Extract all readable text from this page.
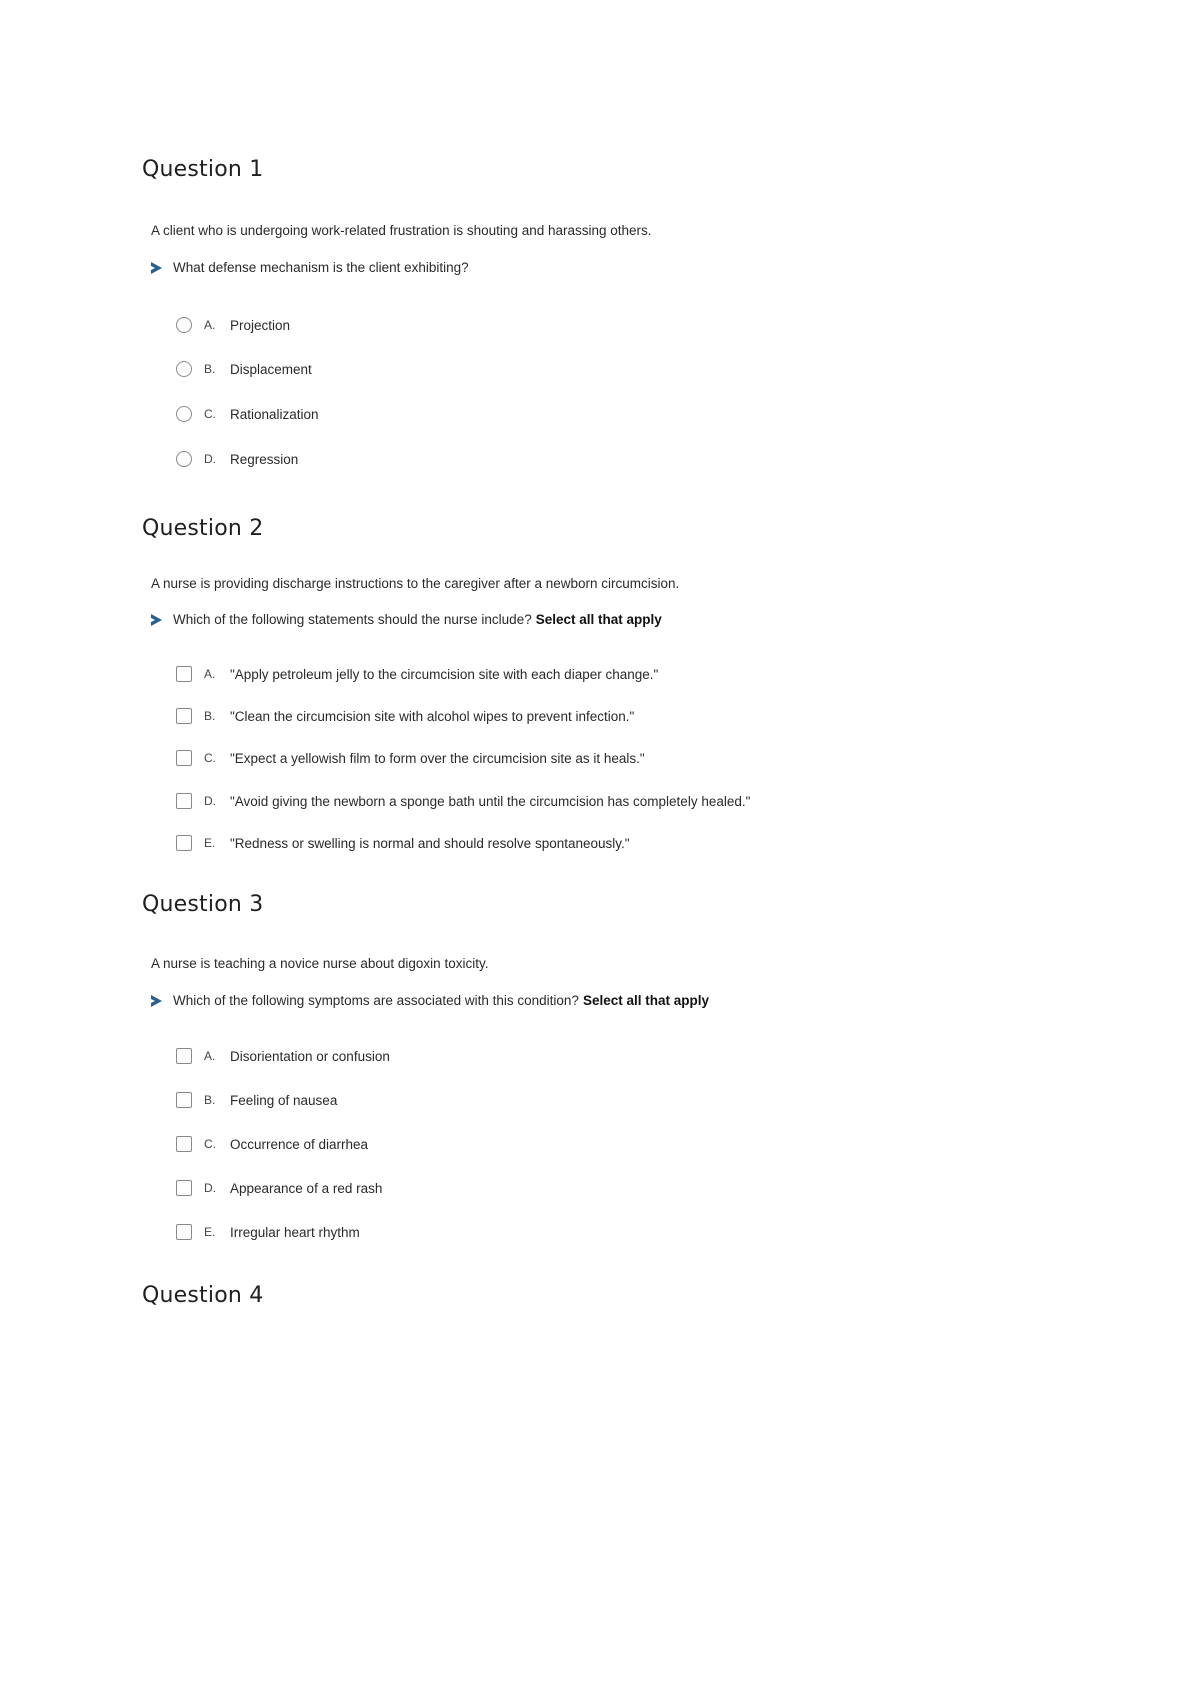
Question 1
A client who is undergoing work-related frustration is shouting and harassing others.
What defense mechanism is the client exhibiting?
A.	Projection
B.	Displacement
C.	Rationalization
D.	Regression
Question 2
A nurse is providing discharge instructions to the caregiver after a newborn circumcision.
Which of the following statements should the nurse include? Select all that apply
A.	"Apply petroleum jelly to the circumcision site with each diaper change."
B.	"Clean the circumcision site with alcohol wipes to prevent infection."
C.	"Expect a yellowish film to form over the circumcision site as it heals."
D.	"Avoid giving the newborn a sponge bath until the circumcision has completely healed."
E.	"Redness or swelling is normal and should resolve spontaneously."
Question 3
A nurse is teaching a novice nurse about digoxin toxicity.
Which of the following symptoms are associated with this condition? Select all that apply
A.	Disorientation or confusion
B.	Feeling of nausea
C.	Occurrence of diarrhea
D.	Appearance of a red rash
E.	Irregular heart rhythm
Question 4
